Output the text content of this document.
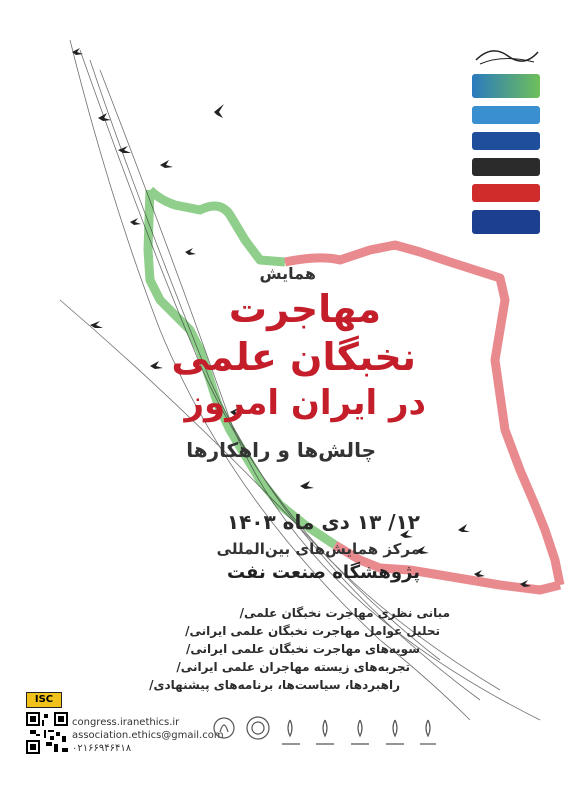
همایش
مهاجرت
نخبگان علمی
در ایران امروز
چالش‌ها و راهکارها
۱۲/ ۱۳ دی ماه ۱۴۰۳
مرکز همایش‌های بین‌المللی
پژوهشگاه صنعت نفت
مبانی نظری مهاجرت نخبگان علمی/
تحلیل عوامل مهاجرت نخبگان علمی ایرانی/
سویه‌های مهاجرت نخبگان علمی ایرانی/
تجربه‌های زیسته مهاجران علمی ایرانی/
راهبردها، سیاست‌ها، برنامه‌های پیشنهادی/
ISC
congress.iranethics.ir
association.ethics@gmail.com
۰۲۱۶۶۹۴۶۴۱۸
